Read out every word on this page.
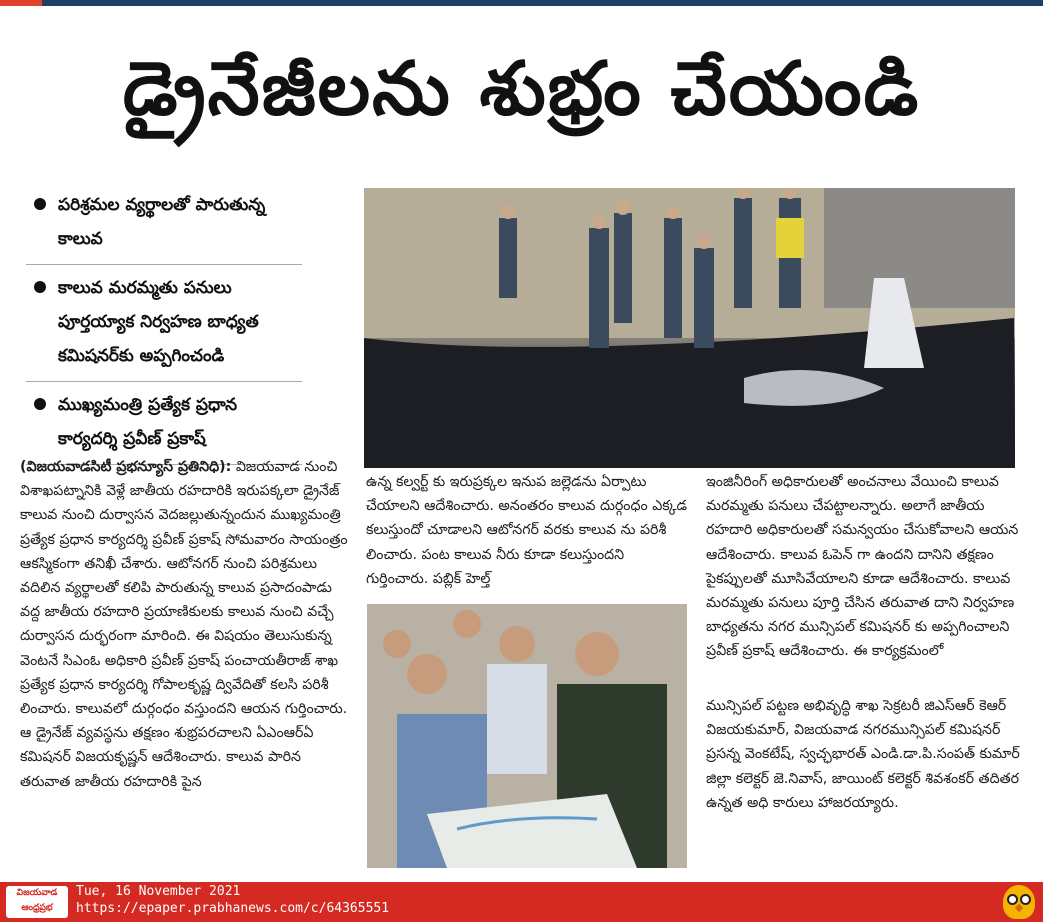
డ్రైనేజీలను శుభ్రం చేయండి
పరిశ్రమల వ్యర్థాలతో పారుతున్న కాలువ
కాలువ మరమ్మతు పనులు పూర్తయ్యాక నిర్వహణ బాధ్యత కమిషనర్‌కు అప్పగించండి
ముఖ్యమంత్రి ప్రత్యేక ప్రధాన కార్యదర్శి ప్రవీణ్ ప్రకాష్

(విజయవాడసిటీ ప్రభన్యూస్ ప్రతినిధి): విజయవాడ నుంచి విశాఖపట్నానికి వెళ్లే జాతీయ రహదారికి ఇరుపక్కలా డ్రైనేజ్ కాలువ నుంచి దుర్వాసన వెదజల్లుతున్నందున ముఖ్యమంత్రి ప్రత్యేక ప్రధాన కార్యదర్శి ప్రవీణ్ ప్రకాష్ సోమవారం సాయంత్రం ఆకస్మికంగా తనిఖీ చేశారు. ఆటోనగర్ నుంచి పరిశ్రమలు వదిలిన వ్యర్థాలతో కలిపి పారుతున్న కాలువ ప్రసాదంపాడు వద్ద జాతీయ రహదారి ప్రయాణికులకు కాలువ నుంచి వచ్చే దుర్వాసన దుర్భరంగా మారింది. ఈ విషయం తెలుసుకున్న వెంటనే సిఎంఓ అధికారి ప్రవీణ్ ప్రకాష్ పంచాయతీరాజ్ శాఖ ప్రత్యేక ప్రధాన కార్యదర్శి గోపాలకృష్ణ ద్వివేదితో కలసి పరిశీ లించారు. కాలువలో దుర్గంధం వస్తుందని ఆయన గుర్తించారు. ఆ డ్రైనేజ్ వ్యవస్థను తక్షణం శుభ్రపరచాలని ఏఎంఆర్ఏ కమిషనర్ విజయకృష్ణన్ ఆదేశించారు. కాలువ పారిన తరువాత జాతీయ రహదారికి పైన

ఉన్న కల్వర్ట్ కు ఇరుప్రక్కల ఇనుప జల్లెడను ఏర్పాటు చేయాలని ఆదేశించారు. అనంతరం కాలువ దుర్గంధం ఎక్కడ కలుస్తుందో చూడాలని ఆటోనగర్ వరకు కాలువ ను పరిశీ లించారు. పంట కాలువ నీరు కూడా కలుస్తుందని గుర్తించారు. పబ్లిక్ హెల్త్

ఇంజినీరింగ్ అధికారులతో అంచనాలు వేయించి కాలువ మరమ్మతు పనులు చేపట్టాలన్నారు. అలాగే జాతీయ రహదారి అధికారులతో సమన్వయం చేసుకోవాలని ఆయన ఆదేశించారు. కాలువ ఓపెన్ గా ఉందని దానిని తక్షణం పైకప్పులతో మూసివేయాలని కూడా ఆదేశించారు. కాలువ మరమ్మతు పనులు పూర్తి చేసిన తరువాత దాని నిర్వహణ బాధ్యతను నగర మున్సిపల్ కమిషనర్ కు అప్పగించాలని ప్రవీణ్ ప్రకాష్ ఆదేశించారు. ఈ కార్యక్రమంలో

మున్సిపల్ పట్టణ అభివృద్ధి శాఖ సెక్రటరీ జిఎస్ఆర్ కెఆర్ విజయకుమార్, విజయవాడ నగరమున్సిపల్ కమిషనర్ ప్రసన్న వెంకటేష్, స్వచ్ఛభారత్ ఎండి.డా.పి.సంపత్ కుమార్ జిల్లా కలెక్టర్ జె.నివాస్, జాయింట్ కలెక్టర్ శివశంకర్ తదితర ఉన్నత అధి కారులు హాజరయ్యారు.

విజయవాడ
ఆంధ్రప్రభ
Tue, 16 November 2021
https://epaper.prabhanews.com/c/64365551
